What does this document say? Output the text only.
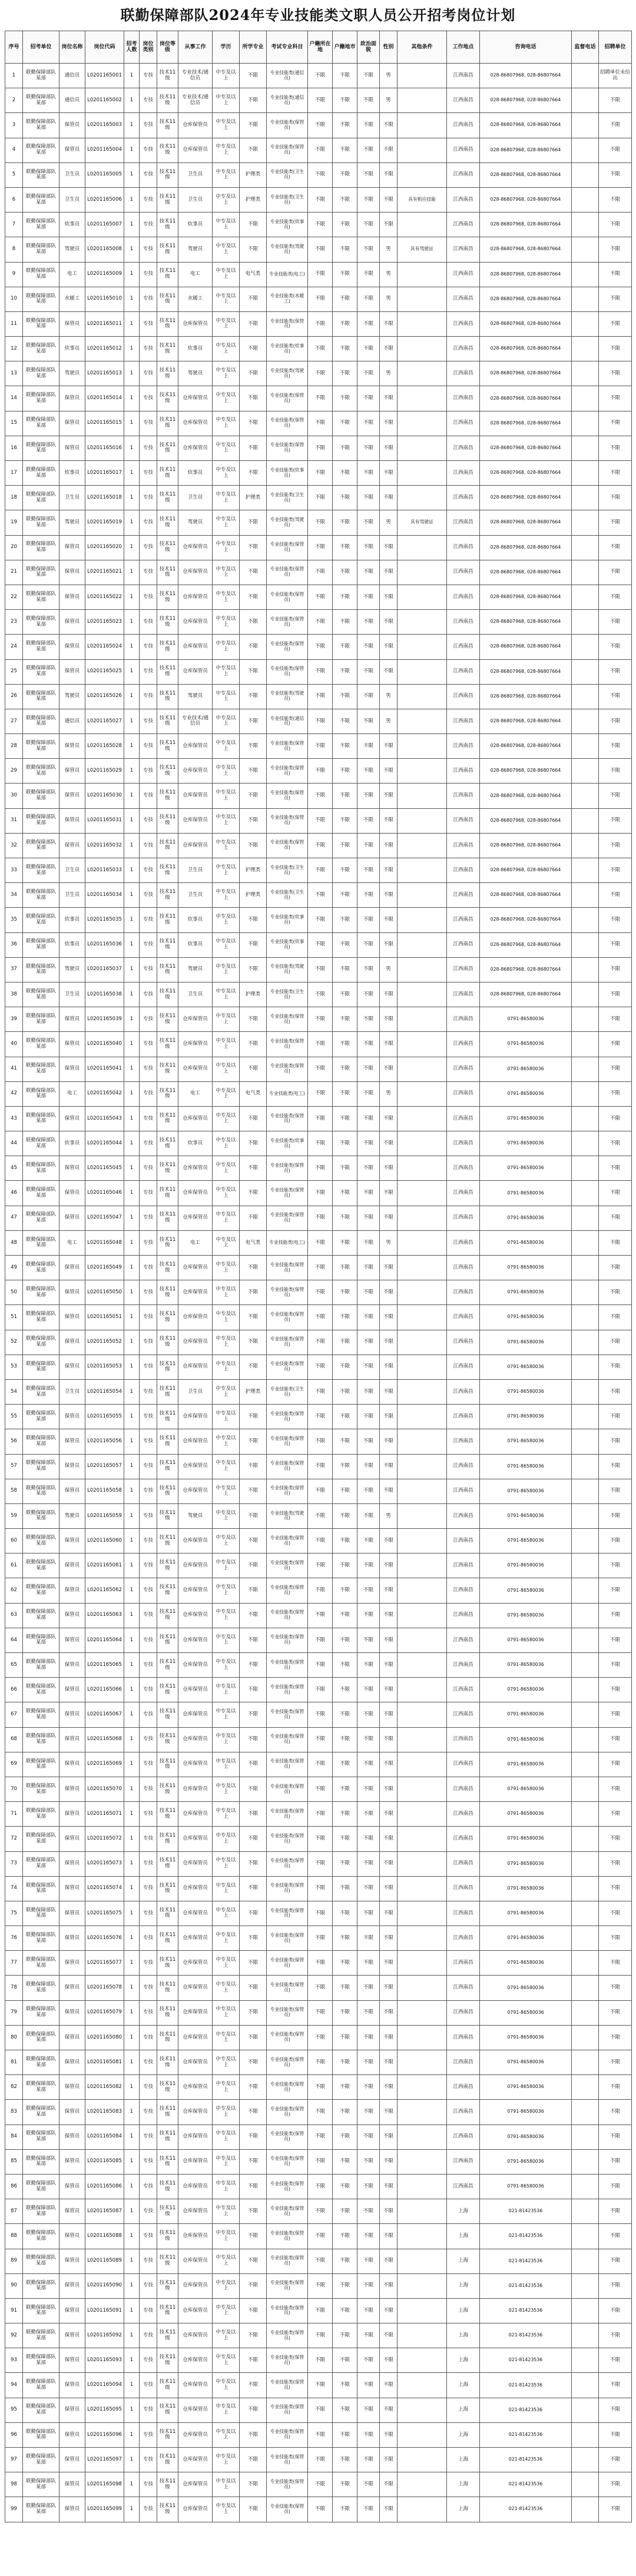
联勤保障部队2024年专业技能类文职人员公开招考岗位计划
序号	招考单位	岗位名称	岗位代码	招考人数	岗位类别	岗位等级	从事工作	学历	所学专业	考试专业科目	户籍所在地	户籍地市	政治面貌	性别	其他条件	工作地点	咨询电话	监督电话	招聘单位
1	联勤保障部队某部	通信员	L0201165001	1	专技	技术11级	专业技术/通信员	中专及以上	不限	专业技能类(通信员)	不限	不限	不限	男		江西南昌	028-86807968, 028-86807664		招聘单位未给出
2	联勤保障部队某部	通信员	L0201165002	1	专技	技术11级	专业技术/通信员	中专及以上	不限	专业技能类(通信员)	不限	不限	不限	男		江西南昌	028-86807968, 028-86807664		不限
3	联勤保障部队某部	保管员	L0201165003	1	专技	技术11级	仓库保管员	中专及以上	不限	专业技能类(保管员)	不限	不限	不限	不限		江西南昌	028-86807968, 028-86807664		不限
4	联勤保障部队某部	保管员	L0201165004	1	专技	技术11级	仓库保管员	中专及以上	不限	专业技能类(保管员)	不限	不限	不限	不限		江西南昌	028-86807968, 028-86807664		不限
5	联勤保障部队某部	卫生员	L0201165005	1	专技	技术11级	卫生员	中专及以上	护理类	专业技能类(卫生员)	不限	不限	不限	不限		江西南昌	028-86807968, 028-86807664		不限
6	联勤保障部队某部	卫生员	L0201165006	1	专技	技术11级	卫生员	中专及以上	护理类	专业技能类(卫生员)	不限	不限	不限	不限	具有相应技能	江西南昌	028-86807968, 028-86807664		不限
7	联勤保障部队某部	炊事员	L0201165007	1	专技	技术11级	炊事员	中专及以上	不限	专业技能类(炊事员)	不限	不限	不限	不限		江西南昌	028-86807968, 028-86807664		不限
8	联勤保障部队某部	驾驶员	L0201165008	1	专技	技术11级	驾驶员	中专及以上	不限	专业技能类(驾驶员)	不限	不限	不限	男	具有驾驶证	江西南昌	028-86807968, 028-86807664		不限
9	联勤保障部队某部	电工	L0201165009	1	专技	技术11级	电工	中专及以上	电气类	专业技能类(电工)	不限	不限	不限	男		江西南昌	028-86807968, 028-86807664		不限
10	联勤保障部队某部	水暖工	L0201165010	1	专技	技术11级	水暖工	中专及以上	不限	专业技能类(水暖工)	不限	不限	不限	男		江西南昌	028-86807968, 028-86807664		不限
11	联勤保障部队某部	保管员	L0201165011	1	专技	技术11级	仓库保管员	中专及以上	不限	专业技能类(保管员)	不限	不限	不限	不限		江西南昌	028-86807968, 028-86807664		不限
12	联勤保障部队某部	炊事员	L0201165012	1	专技	技术11级	炊事员	中专及以上	不限	专业技能类(炊事员)	不限	不限	不限	不限		江西南昌	028-86807968, 028-86807664		不限
13	联勤保障部队某部	驾驶员	L0201165013	1	专技	技术11级	驾驶员	中专及以上	不限	专业技能类(驾驶员)	不限	不限	不限	男		江西南昌	028-86807968, 028-86807664		不限
14	联勤保障部队某部	保管员	L0201165014	1	专技	技术11级	仓库保管员	中专及以上	不限	专业技能类(保管员)	不限	不限	不限	不限		江西南昌	028-86807968, 028-86807664		不限
15	联勤保障部队某部	保管员	L0201165015	1	专技	技术11级	仓库保管员	中专及以上	不限	专业技能类(保管员)	不限	不限	不限	不限		江西南昌	028-86807968, 028-86807664		不限
16	联勤保障部队某部	保管员	L0201165016	1	专技	技术11级	仓库保管员	中专及以上	不限	专业技能类(保管员)	不限	不限	不限	不限		江西南昌	028-86807968, 028-86807664		不限
17	联勤保障部队某部	炊事员	L0201165017	1	专技	技术11级	炊事员	中专及以上	不限	专业技能类(炊事员)	不限	不限	不限	不限		江西南昌	028-86807968, 028-86807664		不限
18	联勤保障部队某部	卫生员	L0201165018	1	专技	技术11级	卫生员	中专及以上	护理类	专业技能类(卫生员)	不限	不限	不限	不限		江西南昌	028-86807968, 028-86807664		不限
19	联勤保障部队某部	驾驶员	L0201165019	1	专技	技术11级	驾驶员	中专及以上	不限	专业技能类(驾驶员)	不限	不限	不限	男	具有驾驶证	江西南昌	028-86807968, 028-86807664		不限
20	联勤保障部队某部	保管员	L0201165020	1	专技	技术11级	仓库保管员	中专及以上	不限	专业技能类(保管员)	不限	不限	不限	不限		江西南昌	028-86807968, 028-86807664		不限
21	联勤保障部队某部	保管员	L0201165021	1	专技	技术11级	仓库保管员	中专及以上	不限	专业技能类(保管员)	不限	不限	不限	不限		江西南昌	028-86807968, 028-86807664		不限
22	联勤保障部队某部	保管员	L0201165022	1	专技	技术11级	仓库保管员	中专及以上	不限	专业技能类(保管员)	不限	不限	不限	不限		江西南昌	028-86807968, 028-86807664		不限
23	联勤保障部队某部	保管员	L0201165023	1	专技	技术11级	仓库保管员	中专及以上	不限	专业技能类(保管员)	不限	不限	不限	不限		江西南昌	028-86807968, 028-86807664		不限
24	联勤保障部队某部	保管员	L0201165024	1	专技	技术11级	仓库保管员	中专及以上	不限	专业技能类(保管员)	不限	不限	不限	不限		江西南昌	028-86807968, 028-86807664		不限
25	联勤保障部队某部	保管员	L0201165025	1	专技	技术11级	仓库保管员	中专及以上	不限	专业技能类(保管员)	不限	不限	不限	不限		江西南昌	028-86807968, 028-86807664		不限
26	联勤保障部队某部	驾驶员	L0201165026	1	专技	技术11级	驾驶员	中专及以上	不限	专业技能类(驾驶员)	不限	不限	不限	男		江西南昌	028-86807968, 028-86807664		不限
27	联勤保障部队某部	通信员	L0201165027	1	专技	技术11级	专业技术/通信员	中专及以上	不限	专业技能类(通信员)	不限	不限	不限	男		江西南昌	028-86807968, 028-86807664		不限
28	联勤保障部队某部	保管员	L0201165028	1	专技	技术11级	仓库保管员	中专及以上	不限	专业技能类(保管员)	不限	不限	不限	不限		江西南昌	028-86807968, 028-86807664		不限
29	联勤保障部队某部	保管员	L0201165029	1	专技	技术11级	仓库保管员	中专及以上	不限	专业技能类(保管员)	不限	不限	不限	不限		江西南昌	028-86807968, 028-86807664		不限
30	联勤保障部队某部	保管员	L0201165030	1	专技	技术11级	仓库保管员	中专及以上	不限	专业技能类(保管员)	不限	不限	不限	不限		江西南昌	028-86807968, 028-86807664		不限
31	联勤保障部队某部	保管员	L0201165031	1	专技	技术11级	仓库保管员	中专及以上	不限	专业技能类(保管员)	不限	不限	不限	不限		江西南昌	028-86807968, 028-86807664		不限
32	联勤保障部队某部	保管员	L0201165032	1	专技	技术11级	仓库保管员	中专及以上	不限	专业技能类(保管员)	不限	不限	不限	不限		江西南昌	028-86807968, 028-86807664		不限
33	联勤保障部队某部	卫生员	L0201165033	1	专技	技术11级	卫生员	中专及以上	护理类	专业技能类(卫生员)	不限	不限	不限	不限		江西南昌	028-86807968, 028-86807664		不限
34	联勤保障部队某部	卫生员	L0201165034	1	专技	技术11级	卫生员	中专及以上	护理类	专业技能类(卫生员)	不限	不限	不限	不限		江西南昌	028-86807968, 028-86807664		不限
35	联勤保障部队某部	炊事员	L0201165035	1	专技	技术11级	炊事员	中专及以上	不限	专业技能类(炊事员)	不限	不限	不限	不限		江西南昌	028-86807968, 028-86807664		不限
36	联勤保障部队某部	炊事员	L0201165036	1	专技	技术11级	炊事员	中专及以上	不限	专业技能类(炊事员)	不限	不限	不限	不限		江西南昌	028-86807968, 028-86807664		不限
37	联勤保障部队某部	驾驶员	L0201165037	1	专技	技术11级	驾驶员	中专及以上	不限	专业技能类(驾驶员)	不限	不限	不限	男		江西南昌	028-86807968, 028-86807664		不限
38	联勤保障部队某部	卫生员	L0201165038	1	专技	技术11级	卫生员	中专及以上	护理类	专业技能类(卫生员)	不限	不限	不限	不限		江西南昌	028-86807968, 028-86807664		不限
39	联勤保障部队某部	保管员	L0201165039	1	专技	技术11级	仓库保管员	中专及以上	不限	专业技能类(保管员)	不限	不限	不限	不限		江西南昌	0791-86580036		不限
40	联勤保障部队某部	保管员	L0201165040	1	专技	技术11级	仓库保管员	中专及以上	不限	专业技能类(保管员)	不限	不限	不限	不限		江西南昌	0791-86580036		不限
41	联勤保障部队某部	保管员	L0201165041	1	专技	技术11级	仓库保管员	中专及以上	不限	专业技能类(保管员)	不限	不限	不限	不限		江西南昌	0791-86580036		不限
42	联勤保障部队某部	电工	L0201165042	1	专技	技术11级	电工	中专及以上	电气类	专业技能类(电工)	不限	不限	不限	男		江西南昌	0791-86580036		不限
43	联勤保障部队某部	保管员	L0201165043	1	专技	技术11级	仓库保管员	中专及以上	不限	专业技能类(保管员)	不限	不限	不限	不限		江西南昌	0791-86580036		不限
44	联勤保障部队某部	炊事员	L0201165044	1	专技	技术11级	炊事员	中专及以上	不限	专业技能类(炊事员)	不限	不限	不限	不限		江西南昌	0791-86580036		不限
45	联勤保障部队某部	保管员	L0201165045	1	专技	技术11级	仓库保管员	中专及以上	不限	专业技能类(保管员)	不限	不限	不限	不限		江西南昌	0791-86580036		不限
46	联勤保障部队某部	保管员	L0201165046	1	专技	技术11级	仓库保管员	中专及以上	不限	专业技能类(保管员)	不限	不限	不限	不限		江西南昌	0791-86580036		不限
47	联勤保障部队某部	保管员	L0201165047	1	专技	技术11级	仓库保管员	中专及以上	不限	专业技能类(保管员)	不限	不限	不限	不限		江西南昌	0791-86580036		不限
48	联勤保障部队某部	电工	L0201165048	1	专技	技术11级	电工	中专及以上	电气类	专业技能类(电工)	不限	不限	不限	男		江西南昌	0791-86580036		不限
49	联勤保障部队某部	保管员	L0201165049	1	专技	技术11级	仓库保管员	中专及以上	不限	专业技能类(保管员)	不限	不限	不限	不限		江西南昌	0791-86580036		不限
50	联勤保障部队某部	保管员	L0201165050	1	专技	技术11级	仓库保管员	中专及以上	不限	专业技能类(保管员)	不限	不限	不限	不限		江西南昌	0791-86580036		不限
51	联勤保障部队某部	保管员	L0201165051	1	专技	技术11级	仓库保管员	中专及以上	不限	专业技能类(保管员)	不限	不限	不限	不限		江西南昌	0791-86580036		不限
52	联勤保障部队某部	保管员	L0201165052	1	专技	技术11级	仓库保管员	中专及以上	不限	专业技能类(保管员)	不限	不限	不限	不限		江西南昌	0791-86580036		不限
53	联勤保障部队某部	保管员	L0201165053	1	专技	技术11级	仓库保管员	中专及以上	不限	专业技能类(保管员)	不限	不限	不限	不限		江西南昌	0791-86580036		不限
54	联勤保障部队某部	卫生员	L0201165054	1	专技	技术11级	卫生员	中专及以上	护理类	专业技能类(卫生员)	不限	不限	不限	不限		江西南昌	0791-86580036		不限
55	联勤保障部队某部	保管员	L0201165055	1	专技	技术11级	仓库保管员	中专及以上	不限	专业技能类(保管员)	不限	不限	不限	不限		江西南昌	0791-86580036		不限
56	联勤保障部队某部	保管员	L0201165056	1	专技	技术11级	仓库保管员	中专及以上	不限	专业技能类(保管员)	不限	不限	不限	不限		江西南昌	0791-86580036		不限
57	联勤保障部队某部	保管员	L0201165057	1	专技	技术11级	仓库保管员	中专及以上	不限	专业技能类(保管员)	不限	不限	不限	不限		江西南昌	0791-86580036		不限
58	联勤保障部队某部	保管员	L0201165058	1	专技	技术11级	仓库保管员	中专及以上	不限	专业技能类(保管员)	不限	不限	不限	不限		江西南昌	0791-86580036		不限
59	联勤保障部队某部	驾驶员	L0201165059	1	专技	技术11级	驾驶员	中专及以上	不限	专业技能类(驾驶员)	不限	不限	不限	男		江西南昌	0791-86580036		不限
60	联勤保障部队某部	保管员	L0201165060	1	专技	技术11级	仓库保管员	中专及以上	不限	专业技能类(保管员)	不限	不限	不限	不限		江西南昌	0791-86580036		不限
61	联勤保障部队某部	保管员	L0201165061	1	专技	技术11级	仓库保管员	中专及以上	不限	专业技能类(保管员)	不限	不限	不限	不限		江西南昌	0791-86580036		不限
62	联勤保障部队某部	保管员	L0201165062	1	专技	技术11级	仓库保管员	中专及以上	不限	专业技能类(保管员)	不限	不限	不限	不限		江西南昌	0791-86580036		不限
63	联勤保障部队某部	保管员	L0201165063	1	专技	技术11级	仓库保管员	中专及以上	不限	专业技能类(保管员)	不限	不限	不限	不限		江西南昌	0791-86580036		不限
64	联勤保障部队某部	保管员	L0201165064	1	专技	技术11级	仓库保管员	中专及以上	不限	专业技能类(保管员)	不限	不限	不限	不限		江西南昌	0791-86580036		不限
65	联勤保障部队某部	保管员	L0201165065	1	专技	技术11级	仓库保管员	中专及以上	不限	专业技能类(保管员)	不限	不限	不限	不限		江西南昌	0791-86580036		不限
66	联勤保障部队某部	保管员	L0201165066	1	专技	技术11级	仓库保管员	中专及以上	不限	专业技能类(保管员)	不限	不限	不限	不限		江西南昌	0791-86580036		不限
67	联勤保障部队某部	保管员	L0201165067	1	专技	技术11级	仓库保管员	中专及以上	不限	专业技能类(保管员)	不限	不限	不限	不限		江西南昌	0791-86580036		不限
68	联勤保障部队某部	保管员	L0201165068	1	专技	技术11级	仓库保管员	中专及以上	不限	专业技能类(保管员)	不限	不限	不限	不限		江西南昌	0791-86580036		不限
69	联勤保障部队某部	保管员	L0201165069	1	专技	技术11级	仓库保管员	中专及以上	不限	专业技能类(保管员)	不限	不限	不限	不限		江西南昌	0791-86580036		不限
70	联勤保障部队某部	保管员	L0201165070	1	专技	技术11级	仓库保管员	中专及以上	不限	专业技能类(保管员)	不限	不限	不限	不限		江西南昌	0791-86580036		不限
71	联勤保障部队某部	保管员	L0201165071	1	专技	技术11级	仓库保管员	中专及以上	不限	专业技能类(保管员)	不限	不限	不限	不限		江西南昌	0791-86580036		不限
72	联勤保障部队某部	保管员	L0201165072	1	专技	技术11级	仓库保管员	中专及以上	不限	专业技能类(保管员)	不限	不限	不限	不限		江西南昌	0791-86580036		不限
73	联勤保障部队某部	保管员	L0201165073	1	专技	技术11级	仓库保管员	中专及以上	不限	专业技能类(保管员)	不限	不限	不限	不限		江西南昌	0791-86580036		不限
74	联勤保障部队某部	保管员	L0201165074	1	专技	技术11级	仓库保管员	中专及以上	不限	专业技能类(保管员)	不限	不限	不限	不限		江西南昌	0791-86580036		不限
75	联勤保障部队某部	保管员	L0201165075	1	专技	技术11级	仓库保管员	中专及以上	不限	专业技能类(保管员)	不限	不限	不限	不限		江西南昌	0791-86580036		不限
76	联勤保障部队某部	保管员	L0201165076	1	专技	技术11级	仓库保管员	中专及以上	不限	专业技能类(保管员)	不限	不限	不限	不限		江西南昌	0791-86580036		不限
77	联勤保障部队某部	保管员	L0201165077	1	专技	技术11级	仓库保管员	中专及以上	不限	专业技能类(保管员)	不限	不限	不限	不限		江西南昌	0791-86580036		不限
78	联勤保障部队某部	保管员	L0201165078	1	专技	技术11级	仓库保管员	中专及以上	不限	专业技能类(保管员)	不限	不限	不限	不限		江西南昌	0791-86580036		不限
79	联勤保障部队某部	保管员	L0201165079	1	专技	技术11级	仓库保管员	中专及以上	不限	专业技能类(保管员)	不限	不限	不限	不限		江西南昌	0791-86580036		不限
80	联勤保障部队某部	保管员	L0201165080	1	专技	技术11级	仓库保管员	中专及以上	不限	专业技能类(保管员)	不限	不限	不限	不限		江西南昌	0791-86580036		不限
81	联勤保障部队某部	保管员	L0201165081	1	专技	技术11级	仓库保管员	中专及以上	不限	专业技能类(保管员)	不限	不限	不限	不限		江西南昌	0791-86580036		不限
82	联勤保障部队某部	保管员	L0201165082	1	专技	技术11级	仓库保管员	中专及以上	不限	专业技能类(保管员)	不限	不限	不限	不限		江西南昌	0791-86580036		不限
83	联勤保障部队某部	保管员	L0201165083	1	专技	技术11级	仓库保管员	中专及以上	不限	专业技能类(保管员)	不限	不限	不限	不限		江西南昌	0791-86580036		不限
84	联勤保障部队某部	保管员	L0201165084	1	专技	技术11级	仓库保管员	中专及以上	不限	专业技能类(保管员)	不限	不限	不限	不限		江西南昌	0791-86580036		不限
85	联勤保障部队某部	保管员	L0201165085	1	专技	技术11级	仓库保管员	中专及以上	不限	专业技能类(保管员)	不限	不限	不限	不限		江西南昌	0791-86580036		不限
86	联勤保障部队某部	保管员	L0201165086	1	专技	技术11级	仓库保管员	中专及以上	不限	专业技能类(保管员)	不限	不限	不限	不限		江西南昌	0791-86580036		不限
87	联勤保障部队某部	保管员	L0201165087	1	专技	技术11级	仓库保管员	中专及以上	不限	专业技能类(保管员)	不限	不限	不限	不限		上海	021-81423536		不限
88	联勤保障部队某部	保管员	L0201165088	1	专技	技术11级	仓库保管员	中专及以上	不限	专业技能类(保管员)	不限	不限	不限	不限		上海	021-81423536		不限
89	联勤保障部队某部	保管员	L0201165089	1	专技	技术11级	仓库保管员	中专及以上	不限	专业技能类(保管员)	不限	不限	不限	不限		上海	021-81423536		不限
90	联勤保障部队某部	保管员	L0201165090	1	专技	技术11级	仓库保管员	中专及以上	不限	专业技能类(保管员)	不限	不限	不限	不限		上海	021-81423536		不限
91	联勤保障部队某部	保管员	L0201165091	1	专技	技术11级	仓库保管员	中专及以上	不限	专业技能类(保管员)	不限	不限	不限	不限		上海	021-81423536		不限
92	联勤保障部队某部	保管员	L0201165092	1	专技	技术11级	仓库保管员	中专及以上	不限	专业技能类(保管员)	不限	不限	不限	不限		上海	021-81423536		不限
93	联勤保障部队某部	保管员	L0201165093	1	专技	技术11级	仓库保管员	中专及以上	不限	专业技能类(保管员)	不限	不限	不限	不限		上海	021-81423536		不限
94	联勤保障部队某部	保管员	L0201165094	1	专技	技术11级	仓库保管员	中专及以上	不限	专业技能类(保管员)	不限	不限	不限	不限		上海	021-81423536		不限
95	联勤保障部队某部	保管员	L0201165095	1	专技	技术11级	仓库保管员	中专及以上	不限	专业技能类(保管员)	不限	不限	不限	不限		上海	021-81423536		不限
96	联勤保障部队某部	保管员	L0201165096	1	专技	技术11级	仓库保管员	中专及以上	不限	专业技能类(保管员)	不限	不限	不限	不限		上海	021-81423536		不限
97	联勤保障部队某部	保管员	L0201165097	1	专技	技术11级	仓库保管员	中专及以上	不限	专业技能类(保管员)	不限	不限	不限	不限		上海	021-81423536		不限
98	联勤保障部队某部	保管员	L0201165098	1	专技	技术11级	仓库保管员	中专及以上	不限	专业技能类(保管员)	不限	不限	不限	不限		上海	021-81423536		不限
99	联勤保障部队某部	保管员	L0201165099	1	专技	技术11级	仓库保管员	中专及以上	不限	专业技能类(保管员)	不限	不限	不限	不限		上海	021-81423536		不限
